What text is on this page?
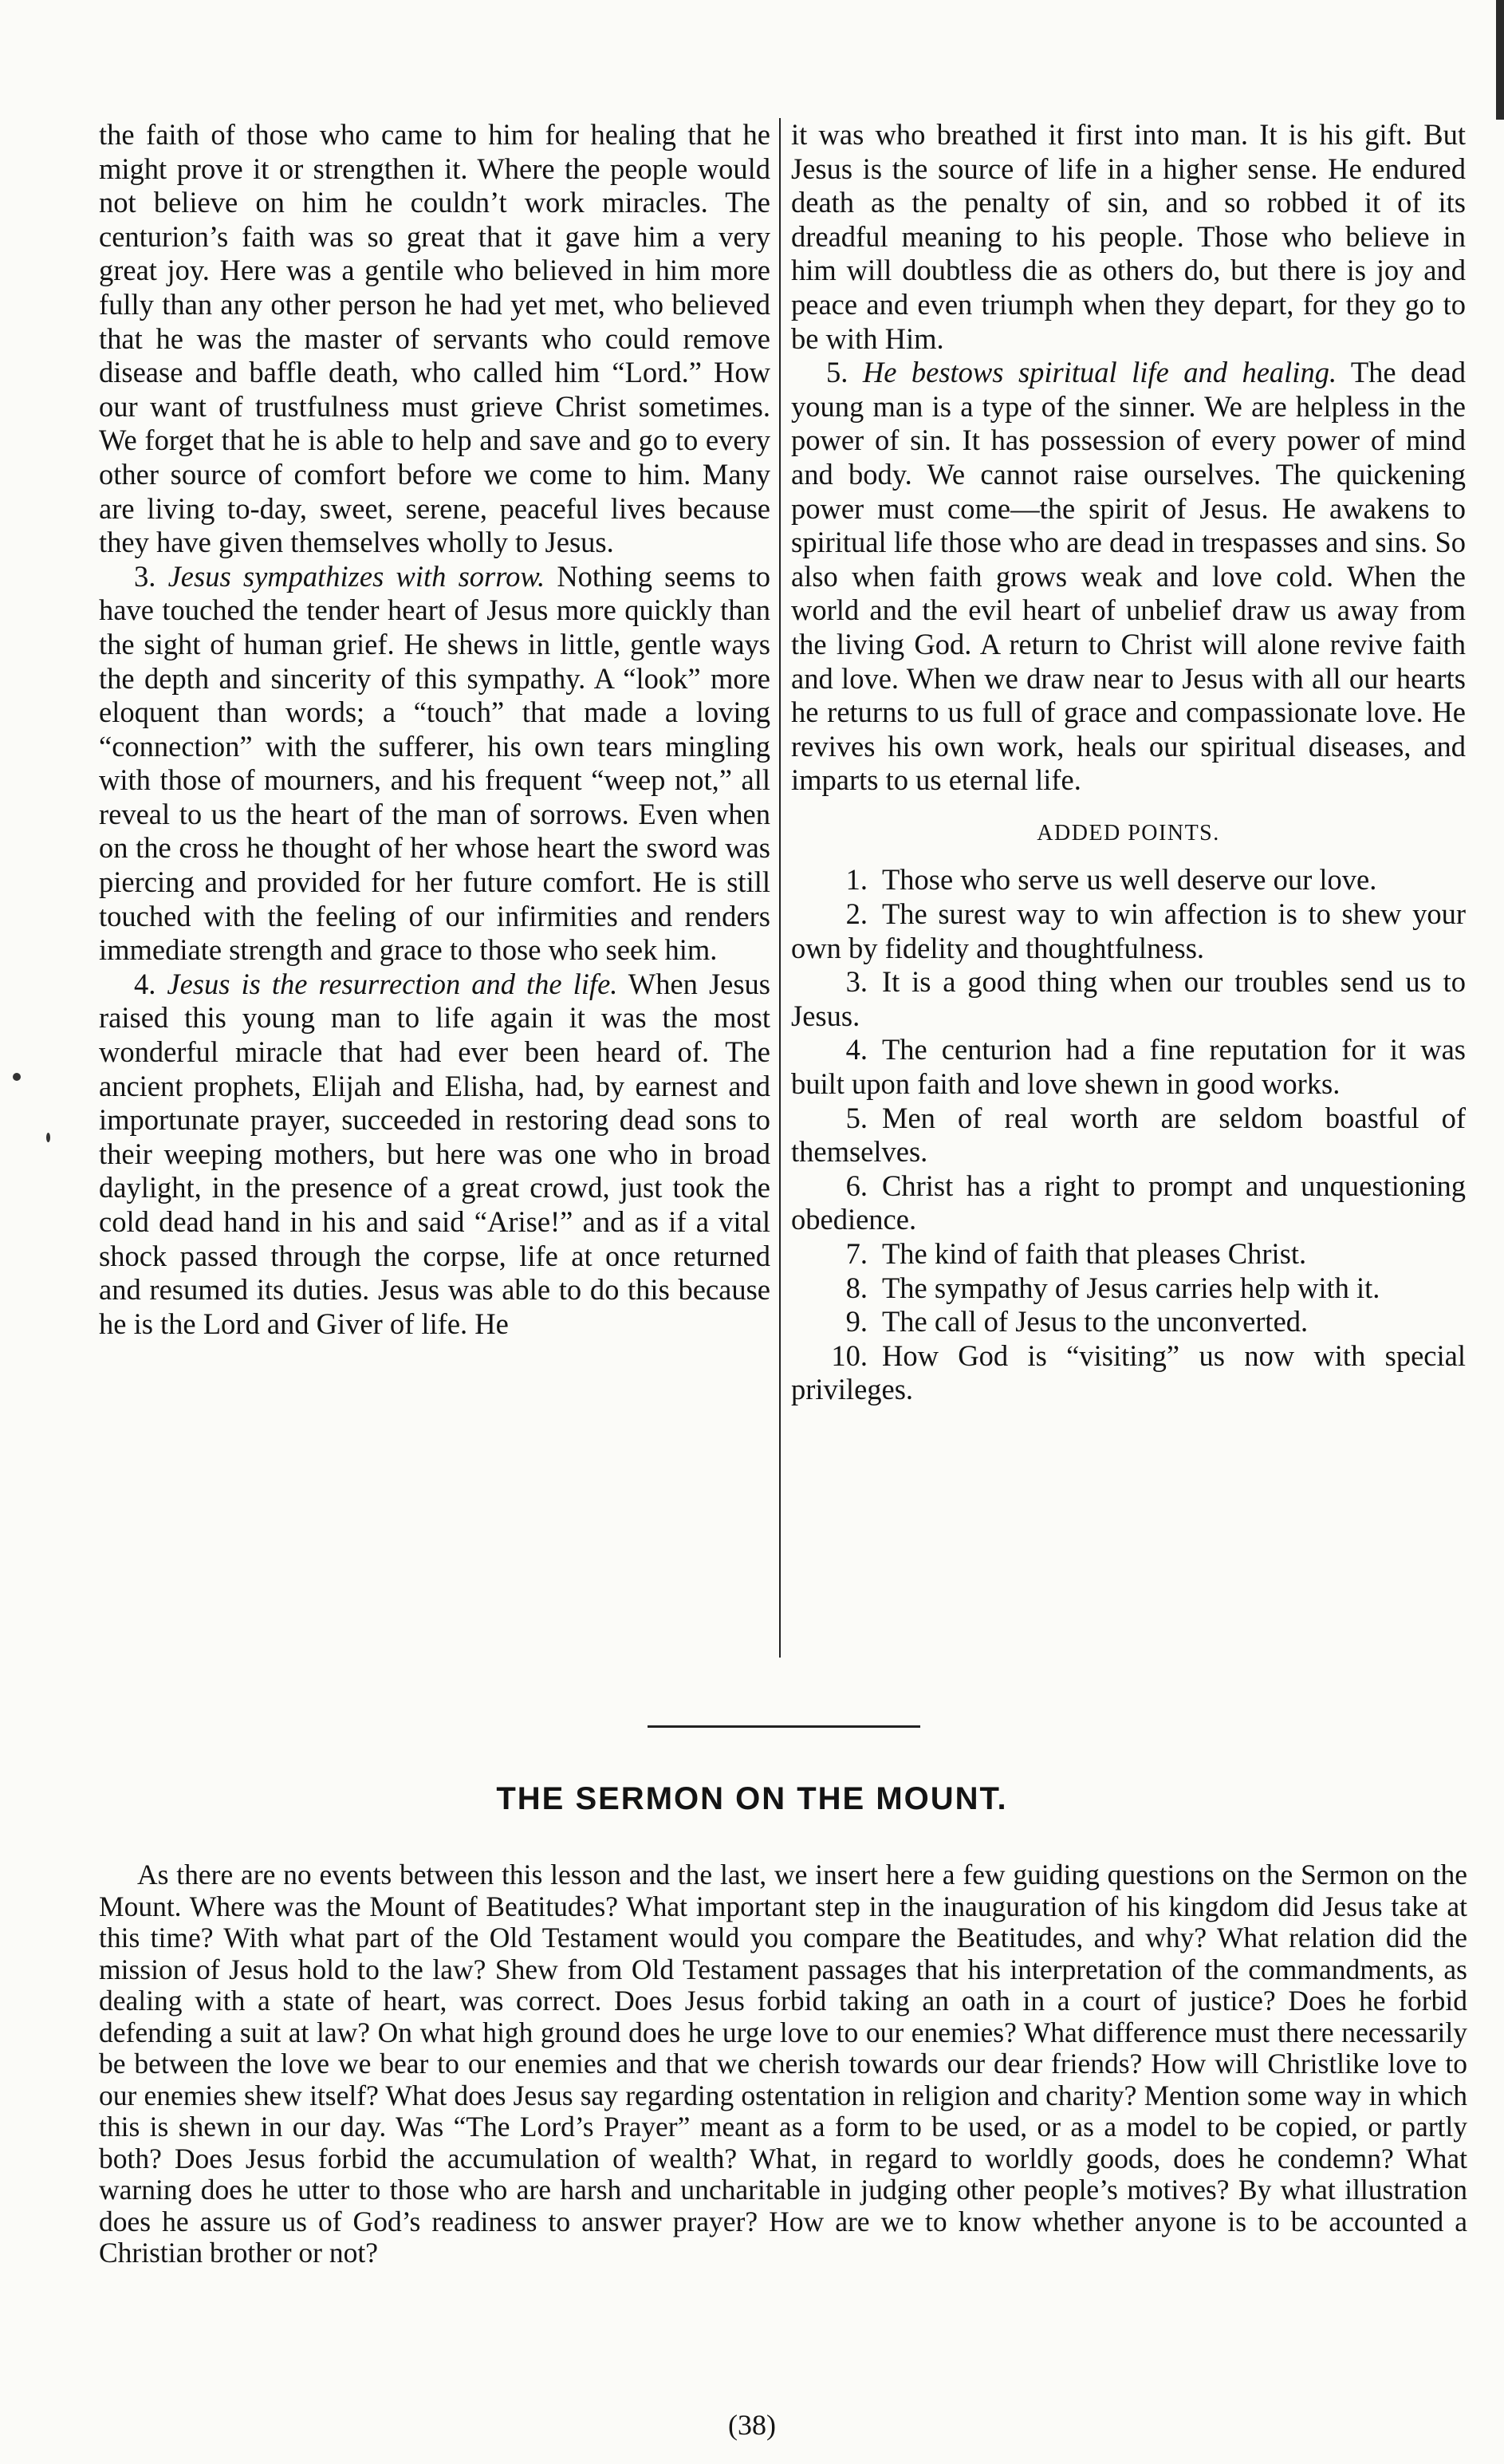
the faith of those who came to him for healing that he might prove it or strengthen it. Where the people would not believe on him he couldn’t work miracles. The centurion’s faith was so great that it gave him a very great joy. Here was a gentile who believed in him more fully than any other person he had yet met, who believed that he was the master of servants who could remove disease and baffle death, who called him “Lord.” How our want of trustfulness must grieve Christ sometimes. We forget that he is able to help and save and go to every other source of comfort before we come to him. Many are living to-day, sweet, serene, peaceful lives because they have given themselves wholly to Jesus.

3. Jesus sympathizes with sorrow. Nothing seems to have touched the tender heart of Jesus more quickly than the sight of human grief. He shews in little, gentle ways the depth and sincerity of this sympathy. A “look” more eloquent than words; a “touch” that made a loving “connection” with the sufferer, his own tears mingling with those of mourners, and his frequent “weep not,” all reveal to us the heart of the man of sorrows. Even when on the cross he thought of her whose heart the sword was piercing and provided for her future comfort. He is still touched with the feeling of our infirmities and renders immediate strength and grace to those who seek him.

4. Jesus is the resurrection and the life. When Jesus raised this young man to life again it was the most wonderful miracle that had ever been heard of. The ancient prophets, Elijah and Elisha, had, by earnest and importunate prayer, succeeded in restoring dead sons to their weeping mothers, but here was one who in broad daylight, in the presence of a great crowd, just took the cold dead hand in his and said “Arise!” and as if a vital shock passed through the corpse, life at once returned and resumed its duties. Jesus was able to do this because he is the Lord and Giver of life. He

it was who breathed it first into man. It is his gift. But Jesus is the source of life in a higher sense. He endured death as the penalty of sin, and so robbed it of its dreadful meaning to his people. Those who believe in him will doubtless die as others do, but there is joy and peace and even triumph when they depart, for they go to be with Him.

5. He bestows spiritual life and healing. The dead young man is a type of the sinner. We are helpless in the power of sin. It has possession of every power of mind and body. We cannot raise ourselves. The quickening power must come—the spirit of Jesus. He awakens to spiritual life those who are dead in trespasses and sins. So also when faith grows weak and love cold. When the world and the evil heart of unbelief draw us away from the living God. A return to Christ will alone revive faith and love. When we draw near to Jesus with all our hearts he returns to us full of grace and compassionate love. He revives his own work, heals our spiritual diseases, and imparts to us eternal life.

ADDED POINTS.

1. Those who serve us well deserve our love.

2. The surest way to win affection is to shew your own by fidelity and thoughtfulness.

3. It is a good thing when our troubles send us to Jesus.

4. The centurion had a fine reputation for it was built upon faith and love shewn in good works.

5. Men of real worth are seldom boastful of themselves.

6. Christ has a right to prompt and unquestioning obedience.

7. The kind of faith that pleases Christ.

8. The sympathy of Jesus carries help with it.

9. The call of Jesus to the unconverted.

10. How God is “visiting” us now with special privileges.

THE SERMON ON THE MOUNT.

As there are no events between this lesson and the last, we insert here a few guiding questions on the Sermon on the Mount. Where was the Mount of Beatitudes? What important step in the inauguration of his kingdom did Jesus take at this time? With what part of the Old Testament would you compare the Beatitudes, and why? What relation did the mission of Jesus hold to the law? Shew from Old Testament passages that his interpretation of the commandments, as dealing with a state of heart, was correct. Does Jesus forbid taking an oath in a court of justice? Does he forbid defending a suit at law? On what high ground does he urge love to our enemies? What difference must there necessarily be between the love we bear to our enemies and that we cherish towards our dear friends? How will Christlike love to our enemies shew itself? What does Jesus say regarding ostentation in religion and charity? Mention some way in which this is shewn in our day. Was “The Lord’s Prayer” meant as a form to be used, or as a model to be copied, or partly both? Does Jesus forbid the accumulation of wealth? What, in regard to worldly goods, does he condemn? What warning does he utter to those who are harsh and uncharitable in judging other people’s motives? By what illustration does he assure us of God’s readiness to answer prayer? How are we to know whether anyone is to be accounted a Christian brother or not?

(38)
